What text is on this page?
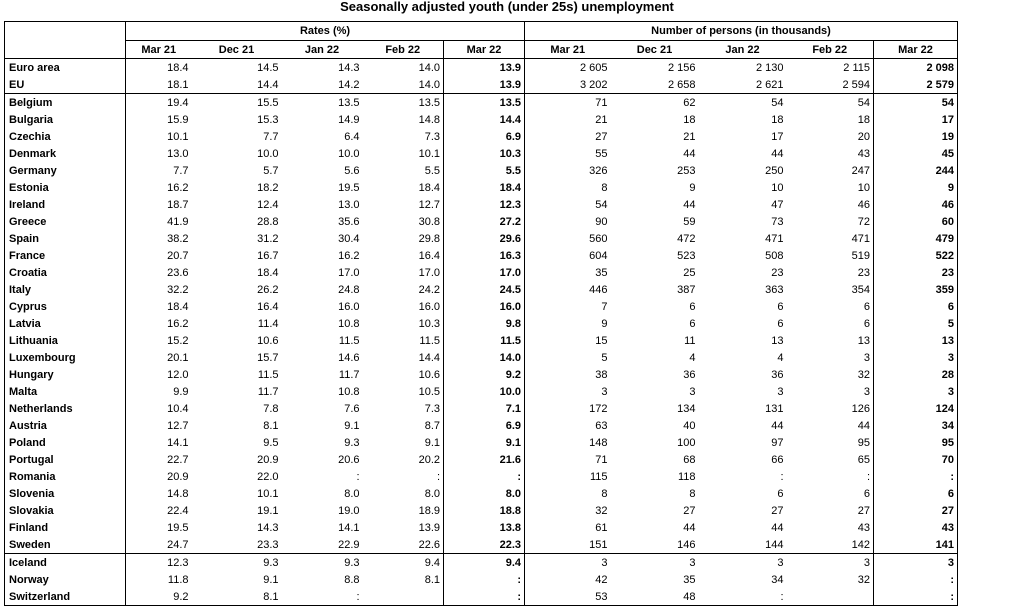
Seasonally adjusted youth (under 25s) unemployment
	Rates (%)					Number of persons (in thousands)				
	Mar 21	Dec 21	Jan 22	Feb 22	Mar 22	Mar 21	Dec 21	Jan 22	Feb 22	Mar 22
Euro area	18.4	14.5	14.3	14.0	13.9	2 605	2 156	2 130	2 115	2 098
EU	18.1	14.4	14.2	14.0	13.9	3 202	2 658	2 621	2 594	2 579
Belgium	19.4	15.5	13.5	13.5	13.5	71	62	54	54	54
Bulgaria	15.9	15.3	14.9	14.8	14.4	21	18	18	18	17
Czechia	10.1	7.7	6.4	7.3	6.9	27	21	17	20	19
Denmark	13.0	10.0	10.0	10.1	10.3	55	44	44	43	45
Germany	7.7	5.7	5.6	5.5	5.5	326	253	250	247	244
Estonia	16.2	18.2	19.5	18.4	18.4	8	9	10	10	9
Ireland	18.7	12.4	13.0	12.7	12.3	54	44	47	46	46
Greece	41.9	28.8	35.6	30.8	27.2	90	59	73	72	60
Spain	38.2	31.2	30.4	29.8	29.6	560	472	471	471	479
France	20.7	16.7	16.2	16.4	16.3	604	523	508	519	522
Croatia	23.6	18.4	17.0	17.0	17.0	35	25	23	23	23
Italy	32.2	26.2	24.8	24.2	24.5	446	387	363	354	359
Cyprus	18.4	16.4	16.0	16.0	16.0	7	6	6	6	6
Latvia	16.2	11.4	10.8	10.3	9.8	9	6	6	6	5
Lithuania	15.2	10.6	11.5	11.5	11.5	15	11	13	13	13
Luxembourg	20.1	15.7	14.6	14.4	14.0	5	4	4	3	3
Hungary	12.0	11.5	11.7	10.6	9.2	38	36	36	32	28
Malta	9.9	11.7	10.8	10.5	10.0	3	3	3	3	3
Netherlands	10.4	7.8	7.6	7.3	7.1	172	134	131	126	124
Austria	12.7	8.1	9.1	8.7	6.9	63	40	44	44	34
Poland	14.1	9.5	9.3	9.1	9.1	148	100	97	95	95
Portugal	22.7	20.9	20.6	20.2	21.6	71	68	66	65	70
Romania	20.9	22.0	:	:	:	115	118	:	:	:
Slovenia	14.8	10.1	8.0	8.0	8.0	8	8	6	6	6
Slovakia	22.4	19.1	19.0	18.9	18.8	32	27	27	27	27
Finland	19.5	14.3	14.1	13.9	13.8	61	44	44	43	43
Sweden	24.7	23.3	22.9	22.6	22.3	151	146	144	142	141
Iceland	12.3	9.3	9.3	9.4	9.4	3	3	3	3	3
Norway	11.8	9.1	8.8	8.1	:	42	35	34	32	:
Switzerland	9.2	8.1	:		:	53	48	:		:
